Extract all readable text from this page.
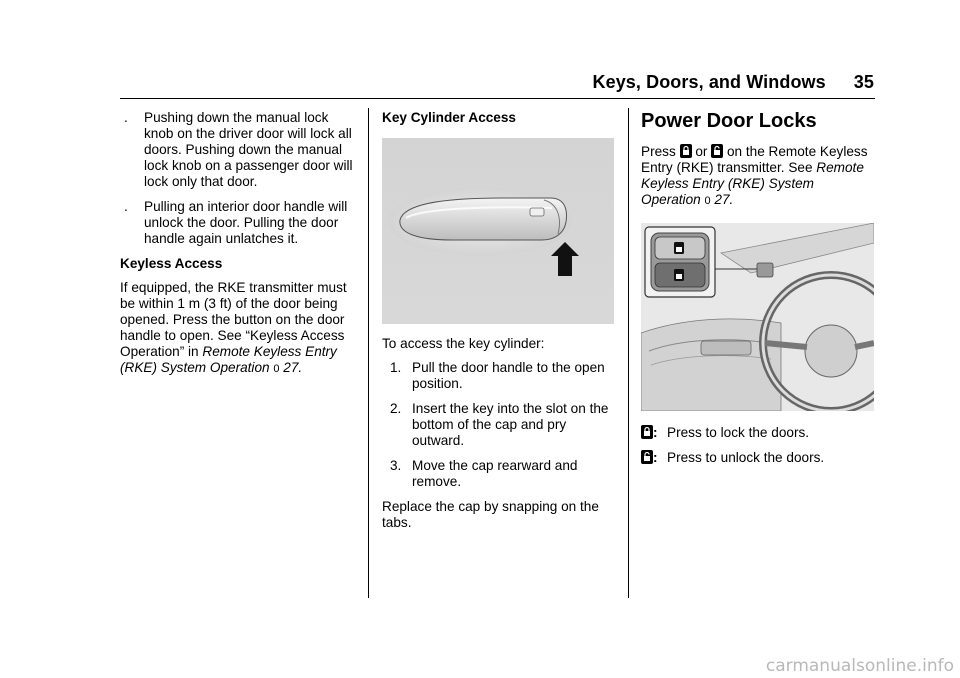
Keys, Doors, and Windows 35
. Pushing down the manual lock knob on the driver door will lock all doors. Pushing down the manual lock knob on a passenger door will lock only that door.
. Pulling an interior door handle will unlock the door. Pulling the door handle again unlatches it.
Keyless Access

If equipped, the RKE transmitter must be within 1 m (3 ft) of the door being opened. Press the button on the door handle to open. See “Keyless Access Operation” in Remote Keyless Entry (RKE) System Operation 0 27.

Key Cylinder Access

To access the key cylinder:

1. Pull the door handle to the open position.
2. Insert the key into the slot on the bottom of the cap and pry outward.
3. Move the cap rearward and remove.

Replace the cap by snapping on the tabs.

Power Door Locks

Press or on the Remote Keyless Entry (RKE) transmitter. See Remote Keyless Entry (RKE) System Operation 0 27.

: Press to lock the doors.
: Press to unlock the doors.
carmanualsonline.info
